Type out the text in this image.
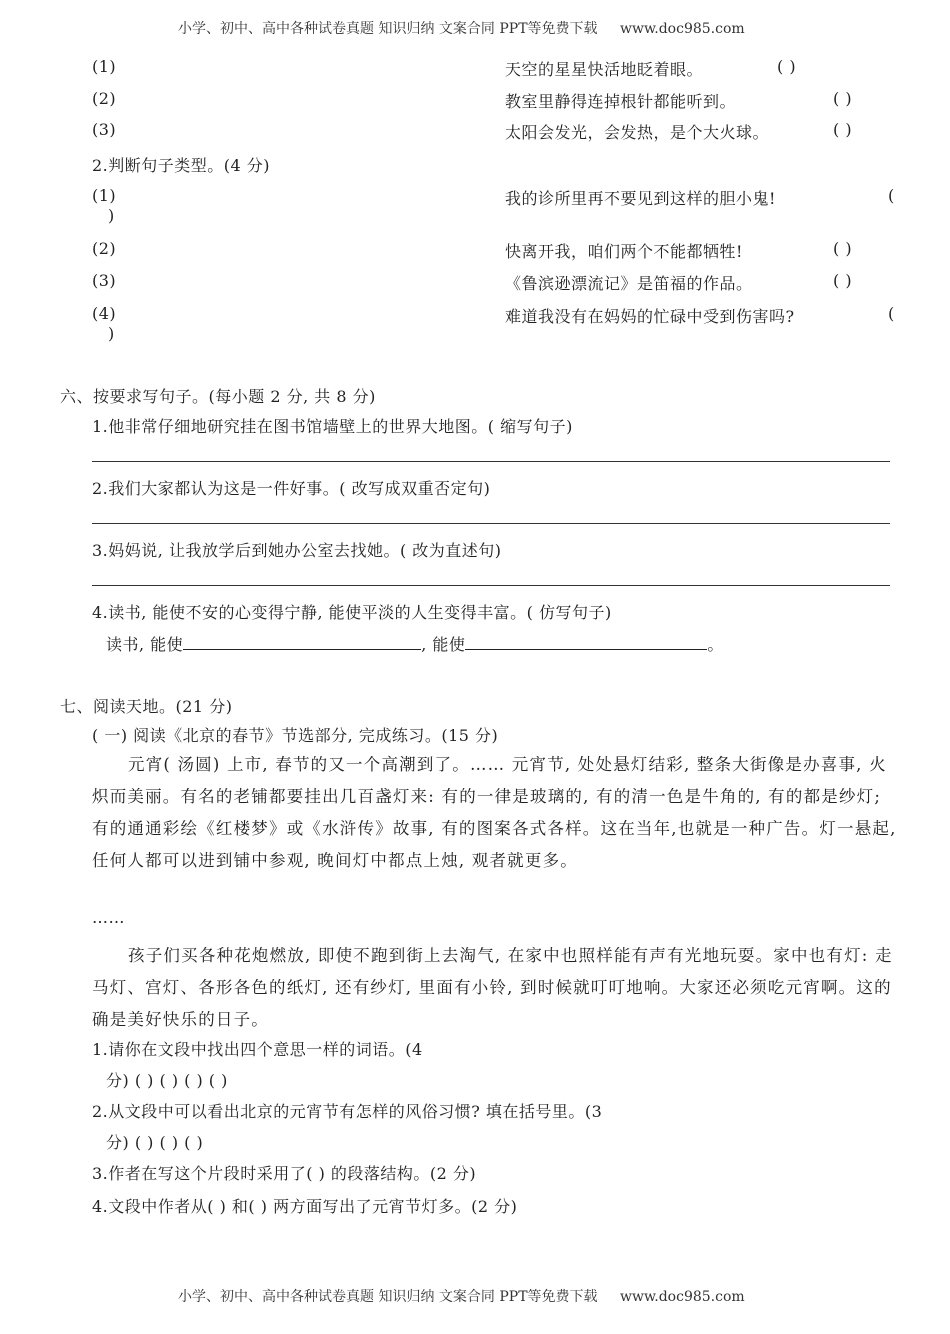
小学、初中、高中各种试卷真题 知识归纳 文案合同 PPT等免费下载 www.doc985.com
(1)	天空的星星快活地眨着眼。	( )
(2)	教室里静得连掉根针都能听到。	( )
(3)	太阳会发光，会发热，是个大火球。	( )
2.判断句子类型。(4 分)
(1)	我的诊所里再不要见到这样的胆小鬼!	(
)
(2)	快离开我，咱们两个不能都牺牲!	( )
(3)	《鲁滨逊漂流记》是笛福的作品。	( )
(4)	难道我没有在妈妈的忙碌中受到伤害吗?	(
)
六、按要求写句子。(每小题 2 分, 共 8 分)
1.他非常仔细地研究挂在图书馆墙壁上的世界大地图。( 缩写句子)
2.我们大家都认为这是一件好事。( 改写成双重否定句)
3.妈妈说, 让我放学后到她办公室去找她。( 改为直述句)
4.读书, 能使不安的心变得宁静, 能使平淡的人生变得丰富。( 仿写句子)
读书, 能使	, 能使	。
七、阅读天地。(21 分)
( 一) 阅读《北京的春节》节选部分, 完成练习。(15 分)
元宵( 汤圆) 上市, 春节的又一个高潮到了。…… 元宵节, 处处悬灯结彩, 整条大街像是办喜事, 火炽而美丽。有名的老铺都要挂出几百盏灯来: 有的一律是玻璃的, 有的清一色是牛角的, 有的都是纱灯; 有的通通彩绘《红楼梦》或《水浒传》故事, 有的图案各式各样。这在当年,也就是一种广告。灯一悬起, 任何人都可以进到铺中参观, 晚间灯中都点上烛, 观者就更多。
……
孩子们买各种花炮燃放, 即使不跑到街上去淘气, 在家中也照样能有声有光地玩耍。家中也有灯: 走马灯、宫灯、各形各色的纸灯, 还有纱灯, 里面有小铃, 到时候就叮叮地响。大家还必须吃元宵啊。这的确是美好快乐的日子。
1.请你在文段中找出四个意思一样的词语。(4
分) ( ) ( ) ( ) ( )
2.从文段中可以看出北京的元宵节有怎样的风俗习惯? 填在括号里。(3
分) ( ) ( ) ( )
3.作者在写这个片段时采用了( ) 的段落结构。(2 分)
4.文段中作者从( ) 和( ) 两方面写出了元宵节灯多。(2 分)
小学、初中、高中各种试卷真题 知识归纳 文案合同 PPT等免费下载 www.doc985.com
